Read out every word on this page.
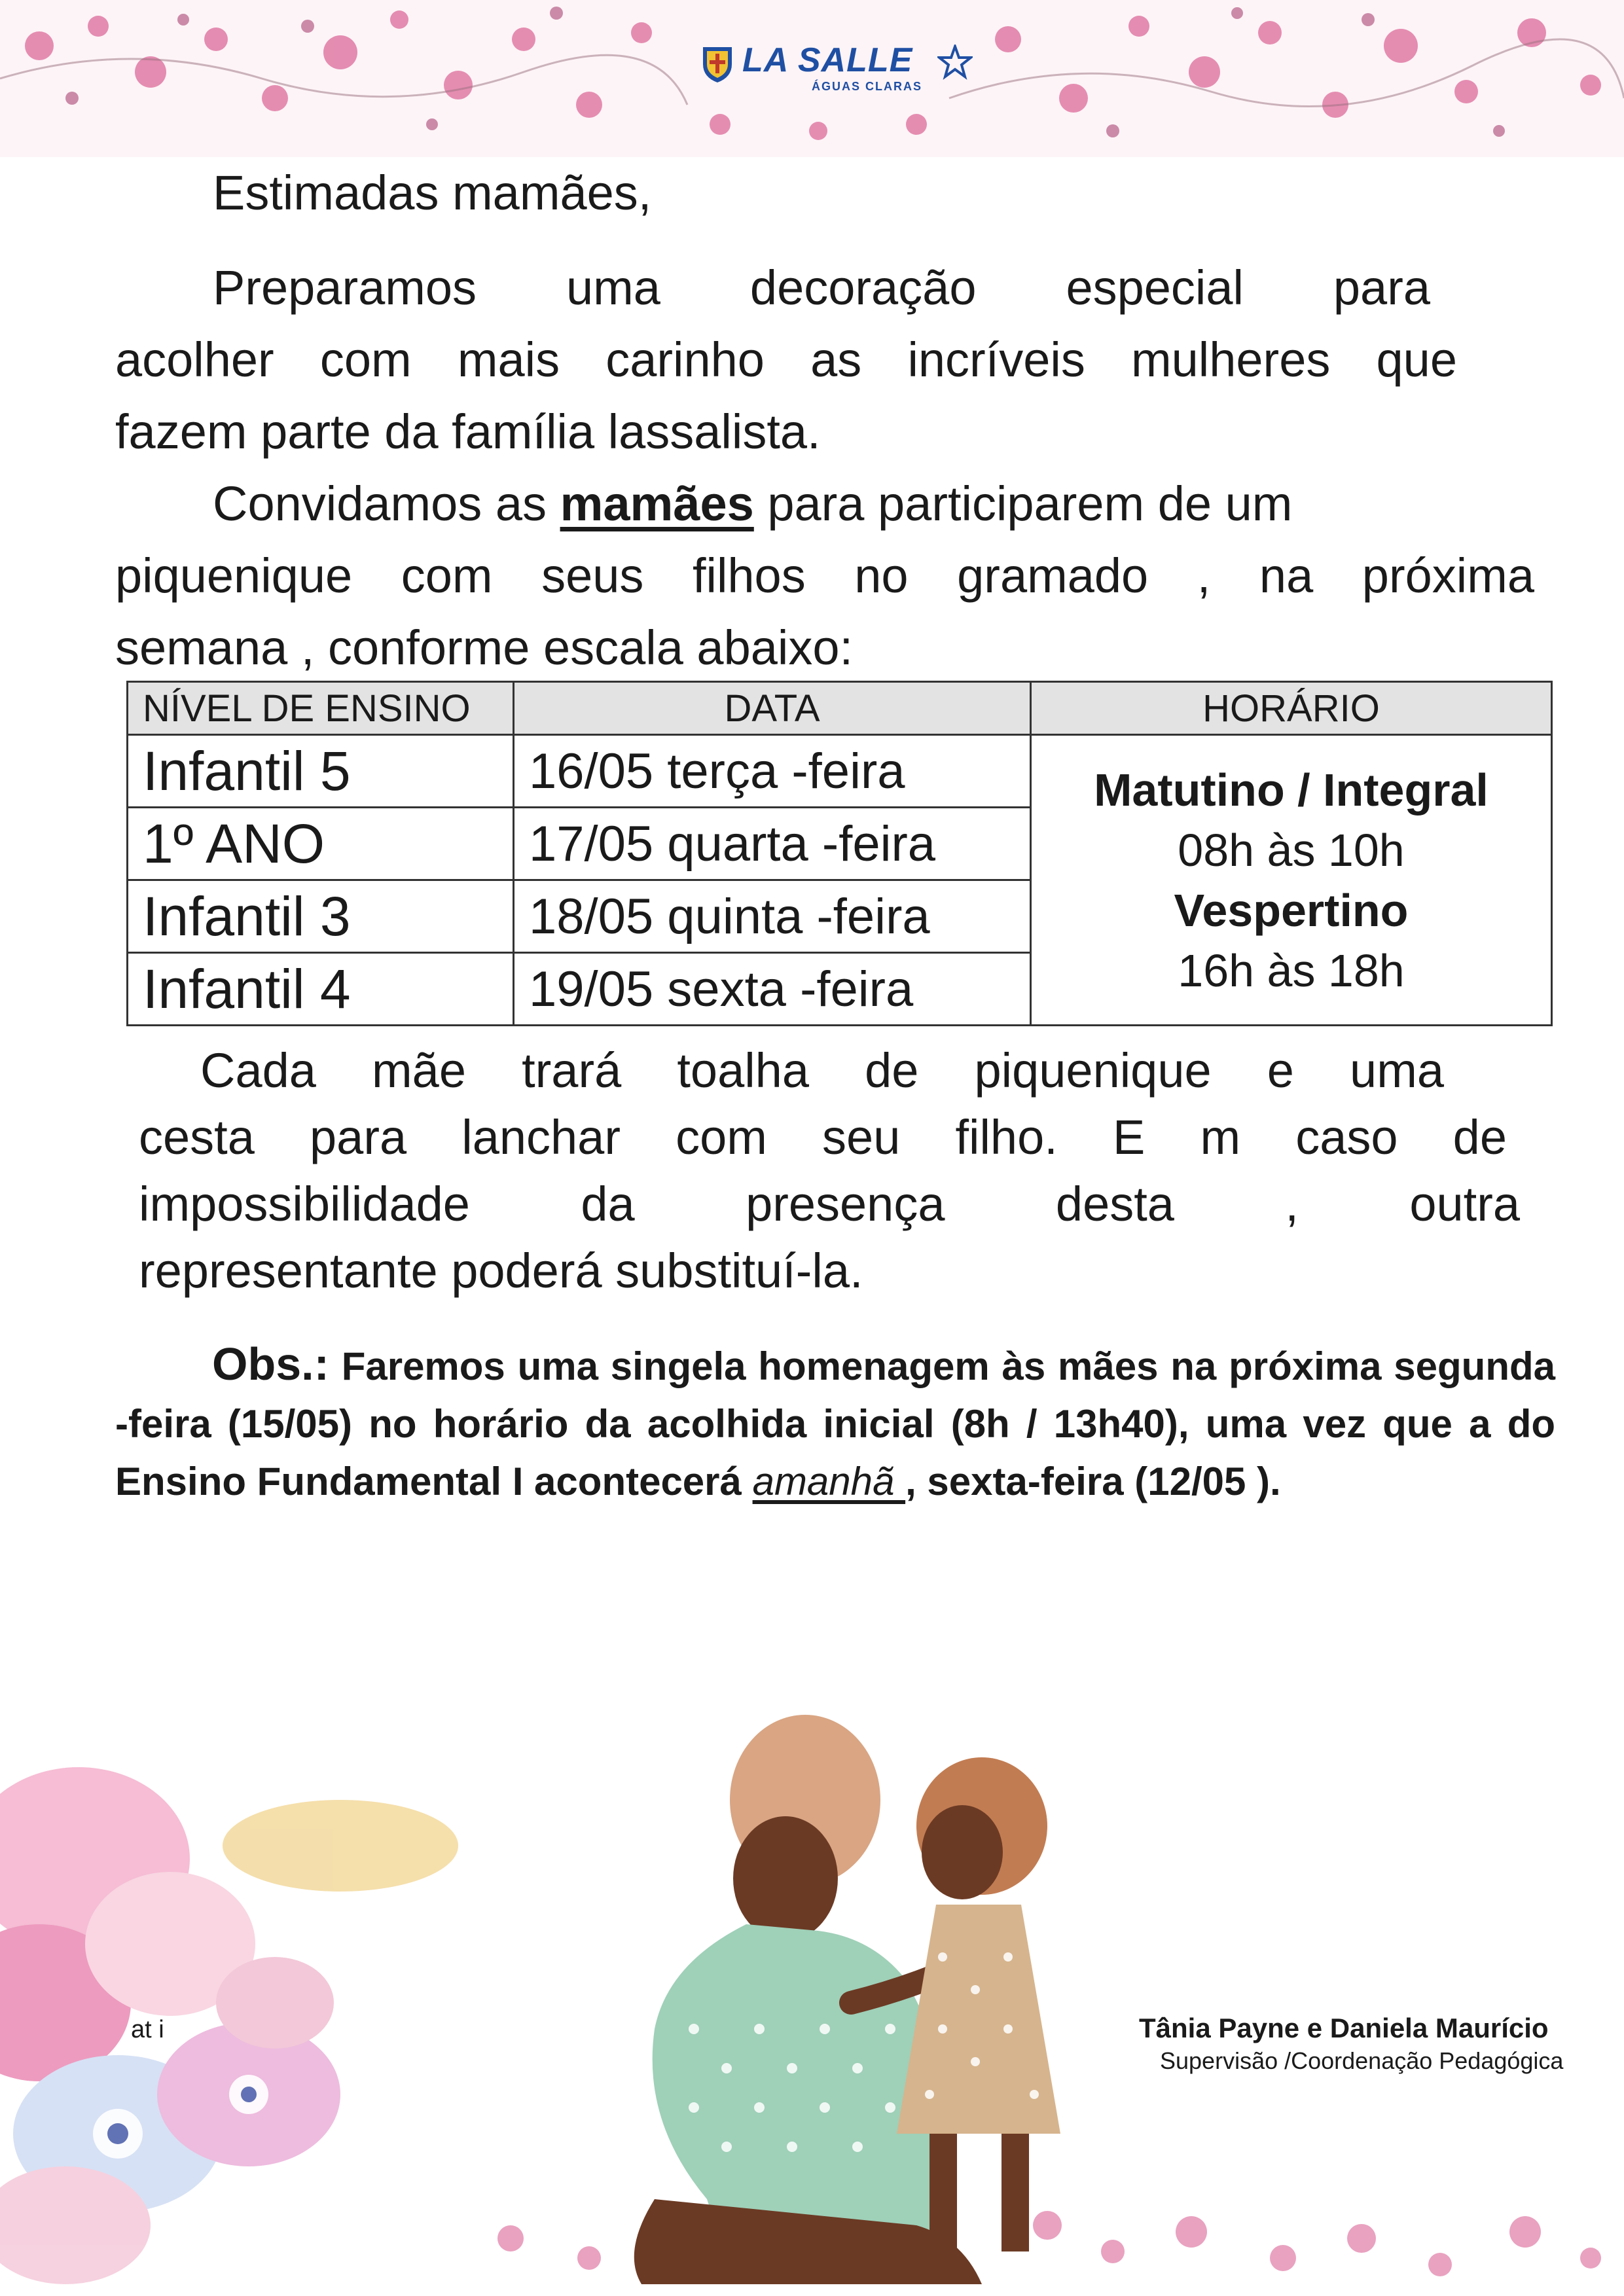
LA SALLE
ÁGUAS CLARAS
Estimadas mamães,
Preparamos uma decoração especial para
acolher com mais carinho as incríveis mulheres que
fazem parte da família lassalista.
Convidamos as mamães para participarem de um
piquenique com seus filhos no gramado , na próxima
semana , conforme escala abaixo:
NÍVEL DE ENSINO	DATA	HORÁRIO
Infantil 5	16/05 terça -feira	Matutino / Integral
08h às 10h
Vespertino
16h às 18h

1º ANO	17/05 quarta -feira	
Infantil 3	18/05 quinta -feira	
Infantil 4	19/05 sexta -feira	
Cada mãe trará toalha de piquenique e uma
cesta para lanchar com seu filho. E m caso de
impossibilidade da presença desta , outra
representante poderá substituí-la.
Obs.: Faremos uma singela homenagem às mães na próxima segunda -feira (15/05) no horário da acolhida inicial (8h / 13h40), uma vez que a do Ensino Fundamental I acontecerá amanhã , sexta-feira (12/05 ).
at i	Tânia Payne e Daniela Maurício
Supervisão /Coordenação Pedagógica
